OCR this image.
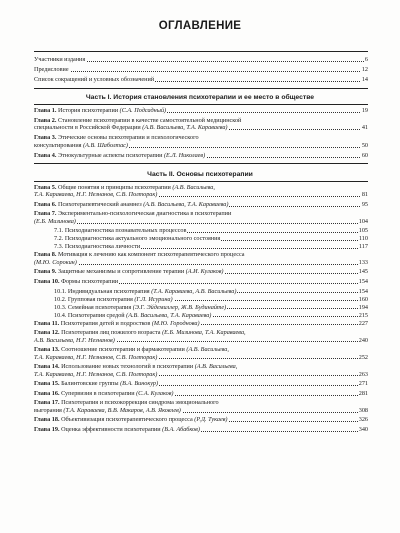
ОГЛАВЛЕНИЕ
Участники издания	6
Предисловие	12
Список сокращений и условных обозначений	14
Часть I. История становления психотерапии и ее место в обществе
Глава 1. История психотерапии (С.А. Подсадный)	19
Глава 2. Становление психотерапии в качестве самостоятельной медицинской
специальности в Российской Федерации (А.В. Васильева, Т.А. Караваева)	41
Глава 3. Этические основы психотерапии и психологического
консультирования (А.В. Шаболтас)	50
Глава 4. Этнокультурные аспекты психотерапии (Е.Л. Николаев)	60
Часть II. Основы психотерапии
Глава 5. Общие понятия и принципы психотерапии (А.В. Васильева,
Т.А. Караваева, Н.Г. Незнанов, С.В. Полторак)	81
Глава 6. Психотерапевтический анамнез (А.В. Васильева, Т.А. Караваева)	95
Глава 7. Экспериментально-психологическая диагностика в психотерапии
(Е.Б. Мизинова)	104
7.1. Психодиагностика познавательных процессов	105
7.2. Психодиагностика актуального эмоционального состояния	110
7.3. Психодиагностика личности	117
Глава 8. Мотивация к лечению как компонент психотерапевтического процесса
(М.Ю. Сорокин)	133
Глава 9. Защитные механизмы и сопротивление терапии (А.И. Кулаков)	145
Глава 10. Формы психотерапии	154
10.1. Индивидуальная психотерапия (Т.А. Караваева, А.В. Васильева)	154
10.2. Групповая психотерапия (Г.Л. Исурина)	160
10.3. Семейная психотерапия (Э.Г. Эйдемиллер, Ж.В. Будинайте)	194
10.4. Психотерапия средой (А.В. Васильева, Т.А. Караваева)	215
Глава 11. Психотерапия детей и подростков (М.Ю. Городнова)	227
Глава 12. Психотерапия лиц пожилого возраста (Е.Б. Мизинова, Т.А. Караваева,
А.В. Васильева, Н.Г. Незнанов)	240
Глава 13. Соотношение психотерапии и фармакотерапии (А.В. Васильева,
Т.А. Караваева, Н.Г. Незнанов, С.В. Полторак)	252
Глава 14. Использование новых технологий в психотерапии (А.В. Васильева,
Т.А. Караваева, Н.Г. Незнанов, С.В. Полторак)	263
Глава 15. Балинтовские группы (В.А. Винокур)	271
Глава 16. Супервизия в психотерапии (С.А. Кулаков)	281
Глава 17. Психотерапия и психокоррекция синдрома эмоционального
выгорания (Т.А. Караваева, В.В. Макаров, А.В. Яковлев)	308
Глава 18. Объективизация психотерапевтического процесса (Р.Д. Тукаев)	326
Глава 19. Оценка эффективности психотерапии (В.А. Абабков)	340
